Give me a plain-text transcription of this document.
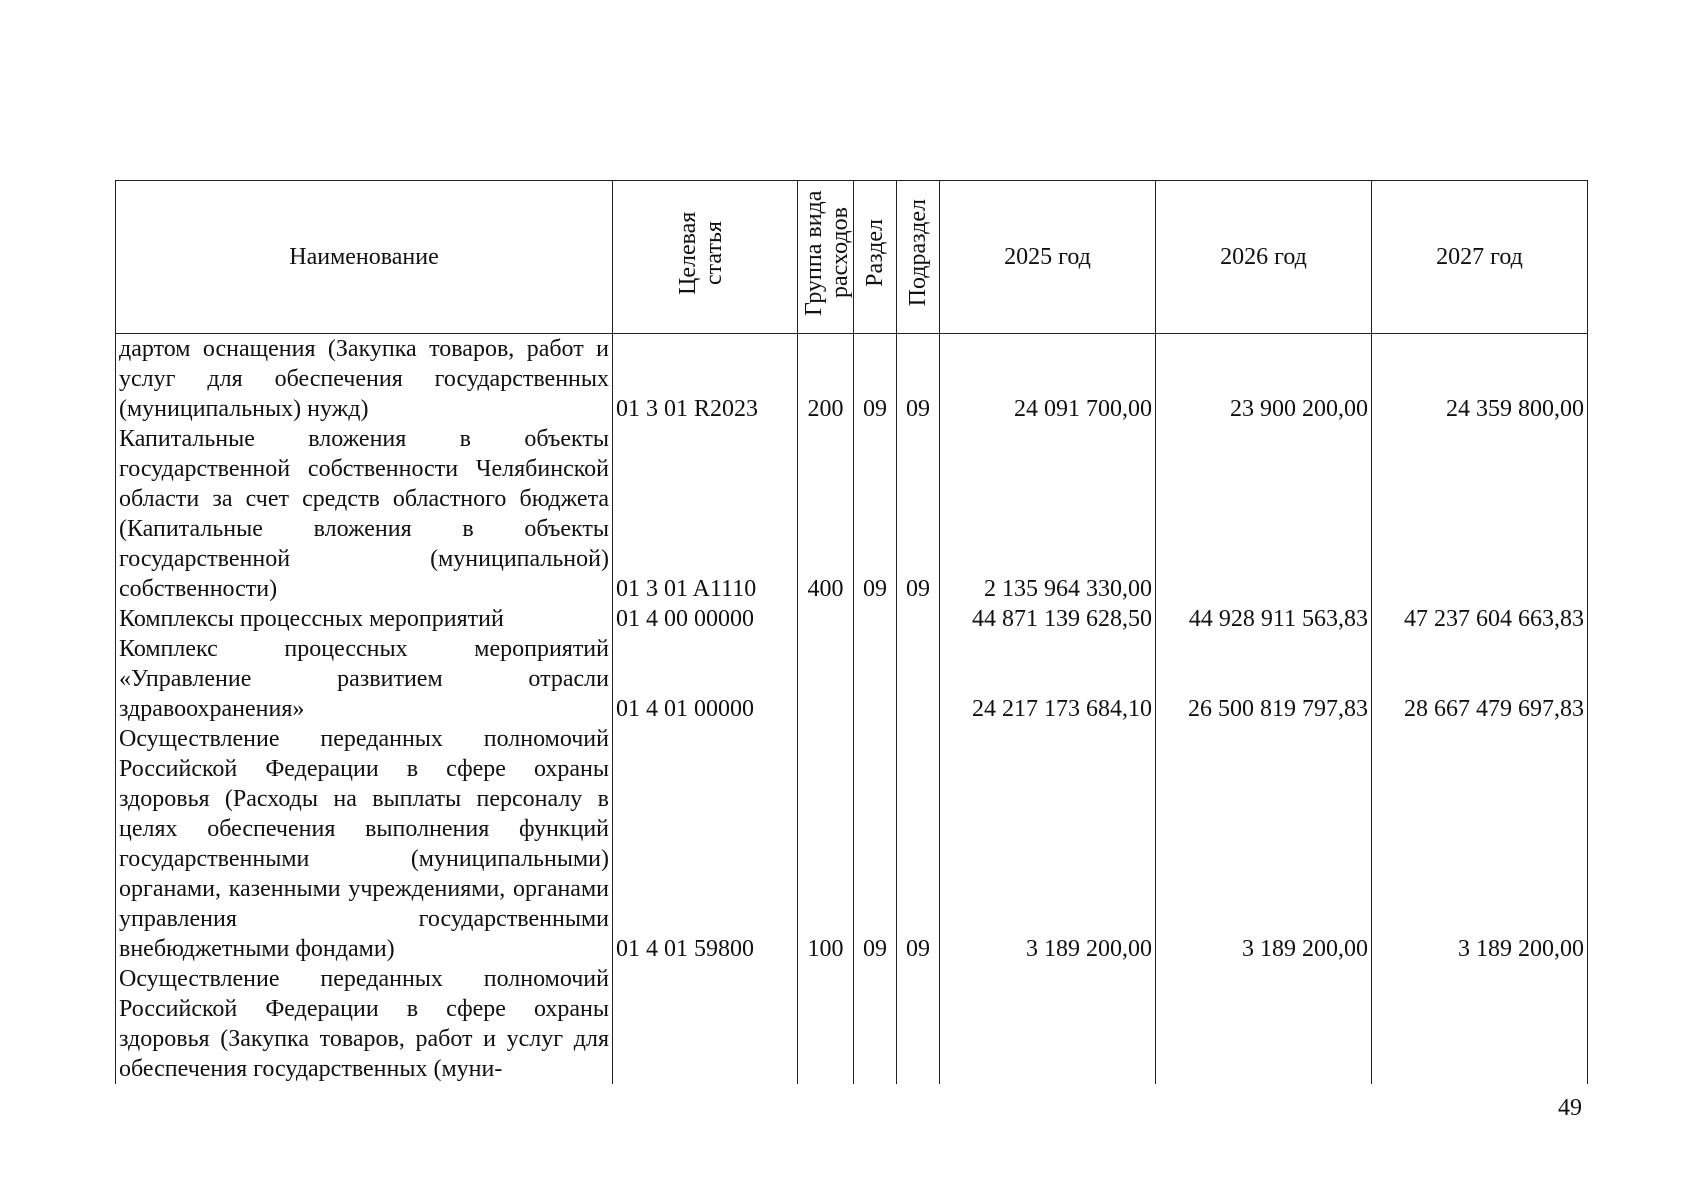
Наименование	Целевая статья	Группа вида расходов	Раздел	Подраздел	2025 год	2026 год	2027 год
дартом оснащения (Закупка товаров, работ и услуг для обеспечения государственных (муниципальных) нужд)	01 3 01 R2023	200	09	09	24 091 700,00	23 900 200,00	24 359 800,00
Капитальные вложения в объекты государственной собственности Челябинской области за счет средств областного бюджета (Капитальные вложения в объекты государственной (муниципальной) собственности)	01 3 01 A1110	400	09	09	2 135 964 330,00		
Комплексы процессных мероприятий	01 4 00 00000				44 871 139 628,50	44 928 911 563,83	47 237 604 663,83
Комплекс процессных мероприятий «Управление развитием отрасли здравоохранения»	01 4 01 00000				24 217 173 684,10	26 500 819 797,83	28 667 479 697,83
Осуществление переданных полномочий Российской Федерации в сфере охраны здоровья (Расходы на выплаты персоналу в целях обеспечения выполнения функций государственными (муниципальными) органами, казенными учреждениями, органами управления государственными внебюджетными фондами)	01 4 01 59800	100	09	09	3 189 200,00	3 189 200,00	3 189 200,00
Осуществление переданных полномочий Российской Федерации в сфере охраны здоровья (Закупка товаров, работ и услуг для обеспечения государственных (муни-							
49
